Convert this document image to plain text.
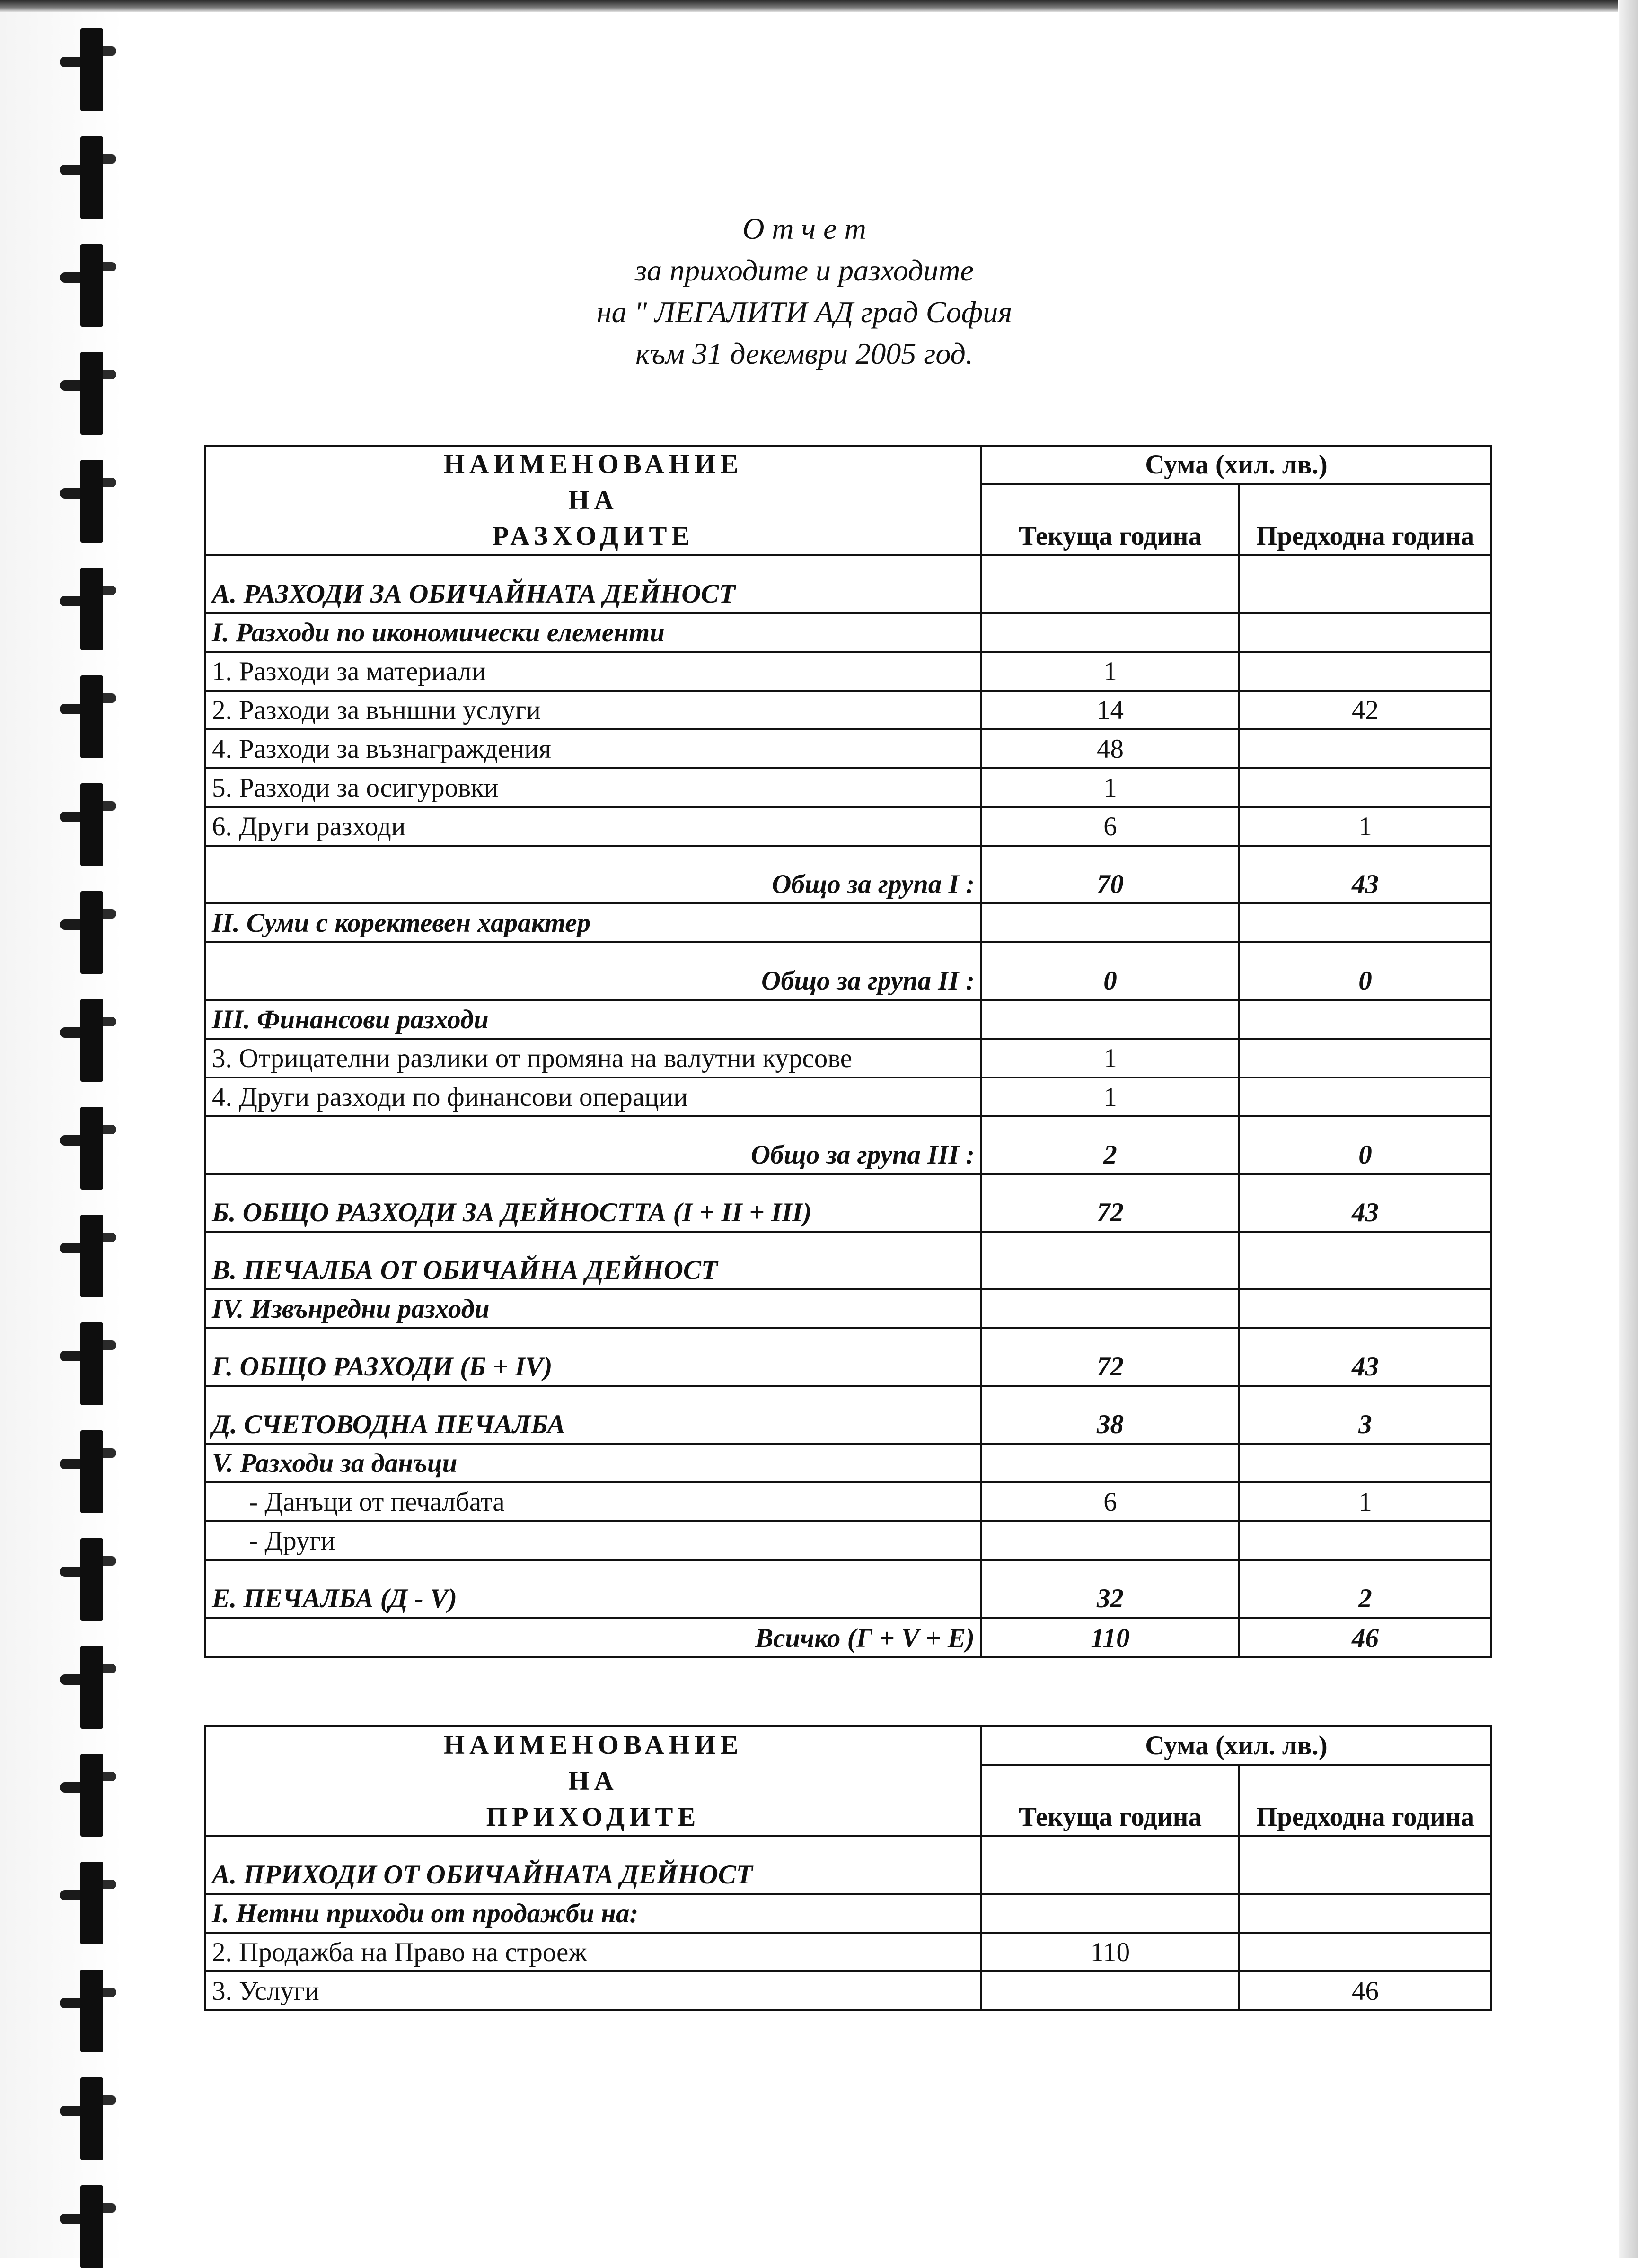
О т ч е т
за приходите и разходите
на " ЛЕГАЛИТИ АД град София
към 31 декември 2005 год.
НАИМЕНОВАНИЕ
НА
РАЗХОДИТЕ	Сума (хил. лв.)	
	Текуща година	Предходна година
А. РАЗХОДИ ЗА ОБИЧАЙНАТА ДЕЙНОСТ		
I. Разходи по икономически елементи		
1. Разходи за материали	1	
2. Разходи за външни услуги	14	42
4. Разходи за възнаграждения	48	
5. Разходи за осигуровки	1	
6. Други разходи	6	1
Общо за група I :	70	43
II. Суми с коректевен характер		
Общо за група II :	0	0
III. Финансови разходи		
3. Отрицателни разлики от промяна на валутни курсове	1	
4. Други разходи по финансови операции	1	
Общо за група III :	2	0
Б. ОБЩО РАЗХОДИ ЗА ДЕЙНОСТТА (I + II + III)	72	43
В. ПЕЧАЛБА ОТ ОБИЧАЙНА ДЕЙНОСТ		
IV. Извънредни разходи		
Г. ОБЩО РАЗХОДИ (Б + IV)	72	43
Д. СЧЕТОВОДНА ПЕЧАЛБА	38	3
V. Разходи за данъци		
- Данъци от печалбата	6	1
- Други		
Е. ПЕЧАЛБА (Д - V)	32	2
Всичко (Г + V + Е)	110	46
НАИМЕНОВАНИЕ
НА
ПРИХОДИТЕ	Сума (хил. лв.)	
	Текуща година	Предходна година
А. ПРИХОДИ ОТ ОБИЧАЙНАТА ДЕЙНОСТ		
I. Нетни приходи от продажби на:		
2. Продажба на Право на строеж	110	
3. Услуги		46
